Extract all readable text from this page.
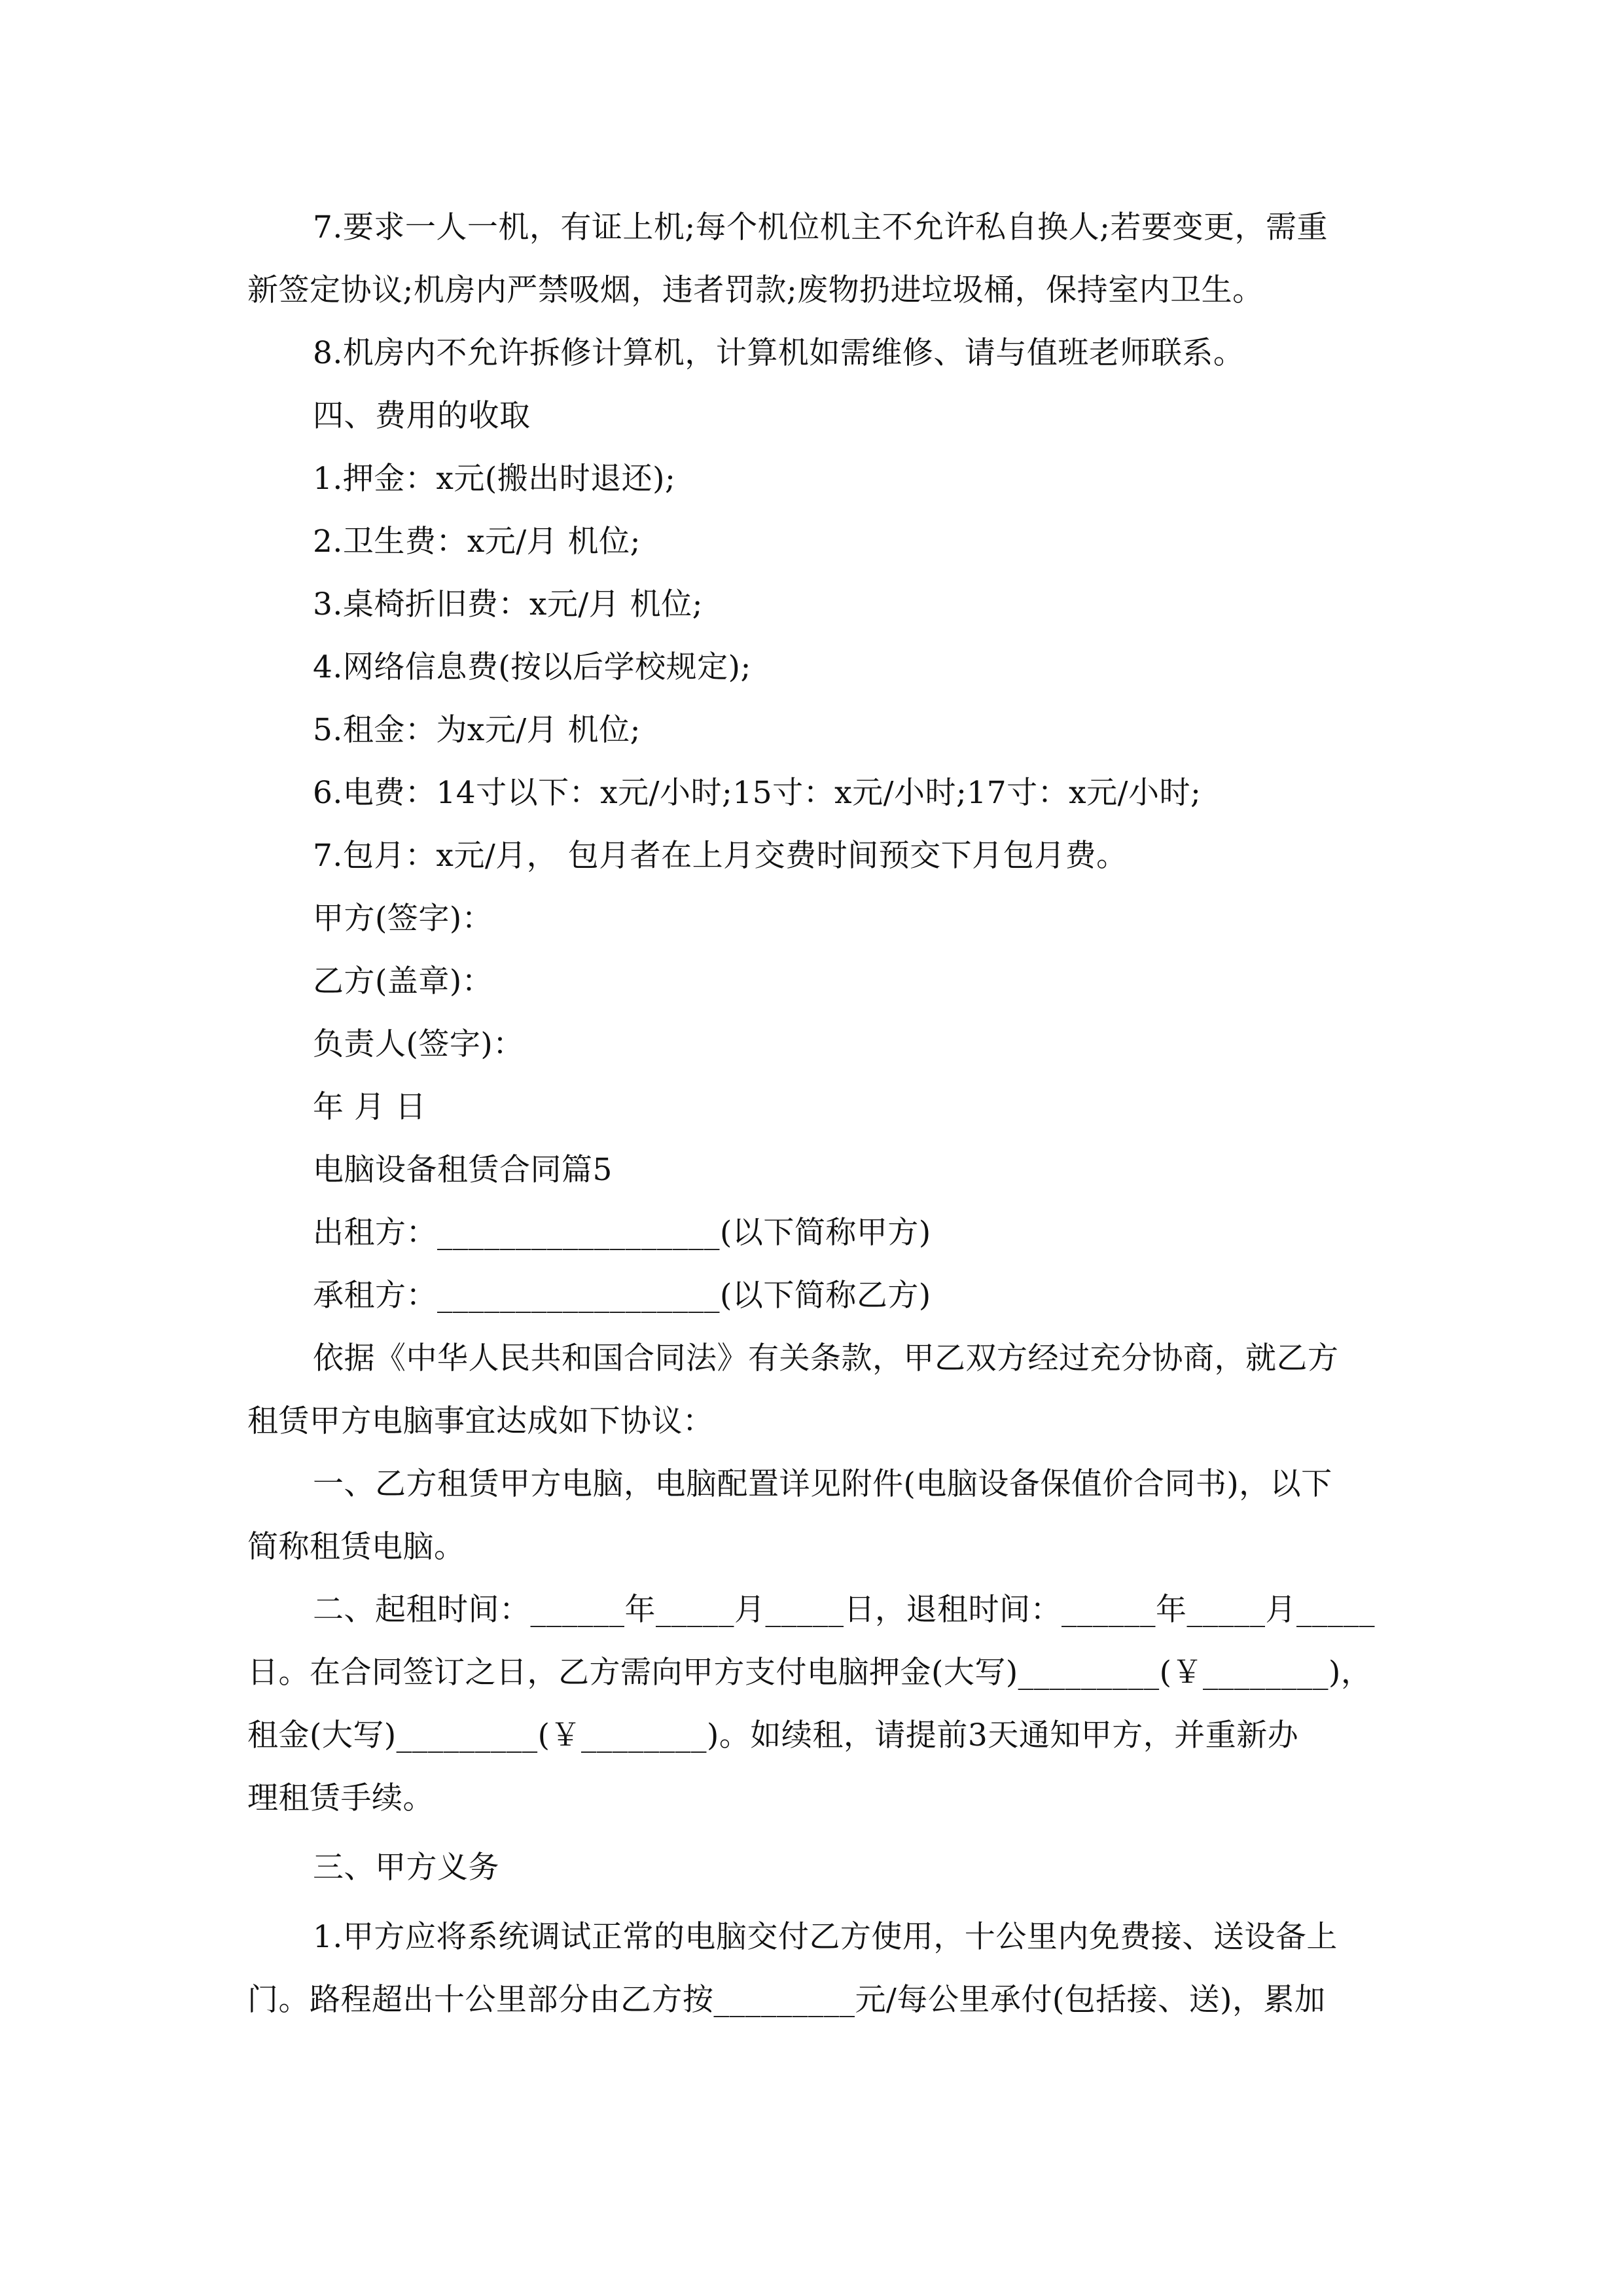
7.要求一人一机，有证上机;每个机位机主不允许私自换人;若要变更，需重
新签定协议;机房内严禁吸烟，违者罚款;废物扔进垃圾桶，保持室内卫生。
8.机房内不允许拆修计算机，计算机如需维修、请与值班老师联系。
四、费用的收取
1.押金：x元(搬出时退还);
2.卫生费：x元/月 机位;
3.桌椅折旧费：x元/月 机位;
4.网络信息费(按以后学校规定);
5.租金：为x元/月 机位;
6.电费：14寸以下：x元/小时;15寸：x元/小时;17寸：x元/小时;
7.包月：x元/月， 包月者在上月交费时间预交下月包月费。
甲方(签字)：
乙方(盖章)：
负责人(签字)：
年 月 日
电脑设备租赁合同篇5
出租方：__________________(以下简称甲方)
承租方：__________________(以下简称乙方)
依据《中华人民共和国合同法》有关条款，甲乙双方经过充分协商，就乙方
租赁甲方电脑事宜达成如下协议：
一、乙方租赁甲方电脑，电脑配置详见附件(电脑设备保值价合同书)，以下
简称租赁电脑。
二、起租时间：______年_____月_____日，退租时间：______年_____月_____
日。在合同签订之日，乙方需向甲方支付电脑押金(大写)_________(￥________)，
租金(大写)_________(￥________)。如续租，请提前3天通知甲方，并重新办
理租赁手续。
三、甲方义务
1.甲方应将系统调试正常的电脑交付乙方使用，十公里内免费接、送设备上
门。路程超出十公里部分由乙方按_________元/每公里承付(包括接、送)，累加
